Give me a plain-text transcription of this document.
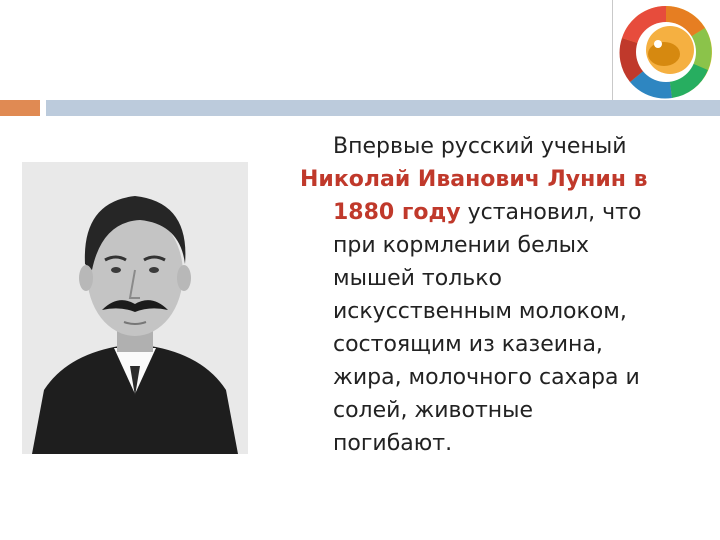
Впервые русский ученый
Николай Иванович Лунин в
1880 году установил, что
при кормлении белых
мышей только
искусственным молоком,
состоящим из казеина,
жира, молочного сахара и
солей, животные
погибают.
